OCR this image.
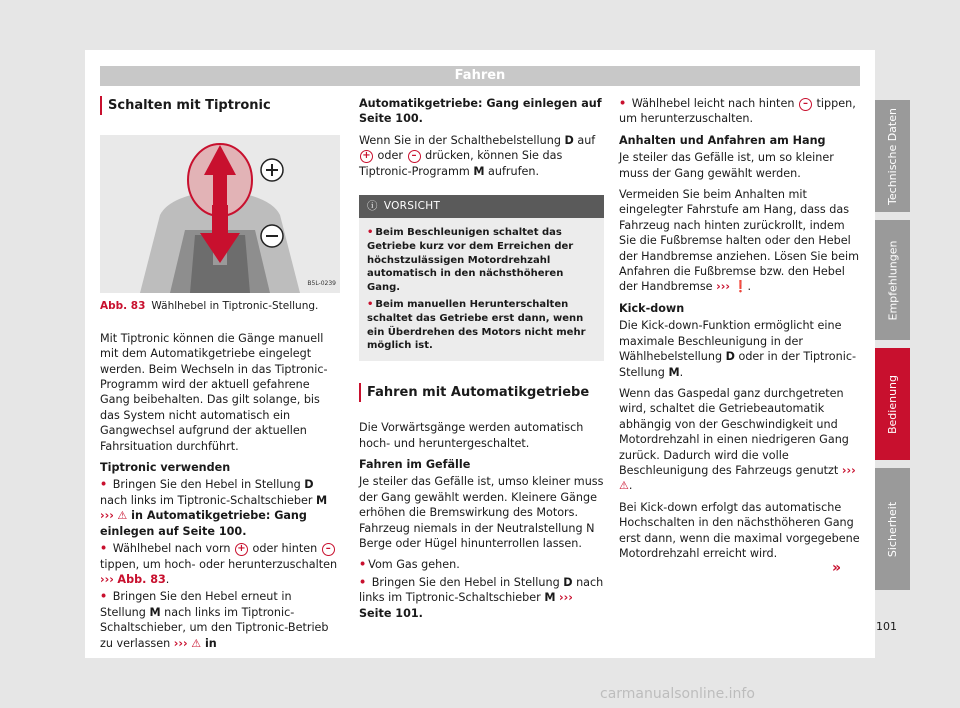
Fahren
Schalten mit Tiptronic
B5L-0239
Abb. 83 Wählhebel in Tiptronic-Stellung.

Mit Tiptronic können die Gänge manuell mit dem Automatikgetriebe eingelegt werden. Beim Wechseln in das Tiptronic-Programm wird der aktuell gefahrene Gang beibehalten. Das gilt solange, bis das System nicht automatisch ein Gangwechsel aufgrund der aktuellen Fahrsituation durchführt.

Tiptronic verwenden

• Bringen Sie den Hebel in Stellung D nach links im Tiptronic-Schaltschieber M ››› ⚠ in Automatikgetriebe: Gang einlegen auf Seite 100.

• Wählhebel nach vorn + oder hinten – tippen, um hoch- oder herunterzuschalten ››› Abb. 83.

• Bringen Sie den Hebel erneut in Stellung M nach links im Tiptronic-Schaltschieber, um den Tiptronic-Betrieb zu verlassen ››› ⚠ in

Automatikgetriebe: Gang einlegen auf Seite 100.

Wenn Sie in der Schalthebelstellung D auf + oder – drücken, können Sie das Tiptronic-Programm M aufrufen.

ⓘ VORSICHT

• Beim Beschleunigen schaltet das Getriebe kurz vor dem Erreichen der höchstzulässigen Motordrehzahl automatisch in den nächsthöheren Gang.

• Beim manuellen Herunterschalten schaltet das Getriebe erst dann, wenn ein Überdrehen des Motors nicht mehr möglich ist.

Fahren mit Automatikgetriebe

Die Vorwärtsgänge werden automatisch hoch- und heruntergeschaltet.

Fahren im Gefälle

Je steiler das Gefälle ist, umso kleiner muss der Gang gewählt werden. Kleinere Gänge erhöhen die Bremswirkung des Motors. Fahrzeug niemals in der Neutralstellung N Berge oder Hügel hinunterrollen lassen.

• Vom Gas gehen.

• Bringen Sie den Hebel in Stellung D nach links im Tiptronic-Schaltschieber M ››› Seite 101.

• Wählhebel leicht nach hinten – tippen, um herunterzuschalten.

Anhalten und Anfahren am Hang

Je steiler das Gefälle ist, um so kleiner muss der Gang gewählt werden.

Vermeiden Sie beim Anhalten mit eingelegter Fahrstufe am Hang, dass das Fahrzeug nach hinten zurückrollt, indem Sie die Fußbremse halten oder den Hebel der Handbremse anziehen. Lösen Sie beim Anfahren die Fußbremse bzw. den Hebel der Handbremse ››› ❗.

Kick-down

Die Kick-down-Funktion ermöglicht eine maximale Beschleunigung in der Wählhebelstellung D oder in der Tiptronic-Stellung M.

Wenn das Gaspedal ganz durchgetreten wird, schaltet die Getriebeautomatik abhängig von der Geschwindigkeit und Motordrehzahl in einen niedrigeren Gang zurück. Dadurch wird die volle Beschleunigung des Fahrzeugs genutzt ››› ⚠.

Bei Kick-down erfolgt das automatische Hochschalten in den nächsthöheren Gang erst dann, wenn die maximal vorgegebene Motordrehzahl erreicht wird.

»
Technische Daten
Empfehlungen
Bedienung
Sicherheit
101
carmanualsonline.info
